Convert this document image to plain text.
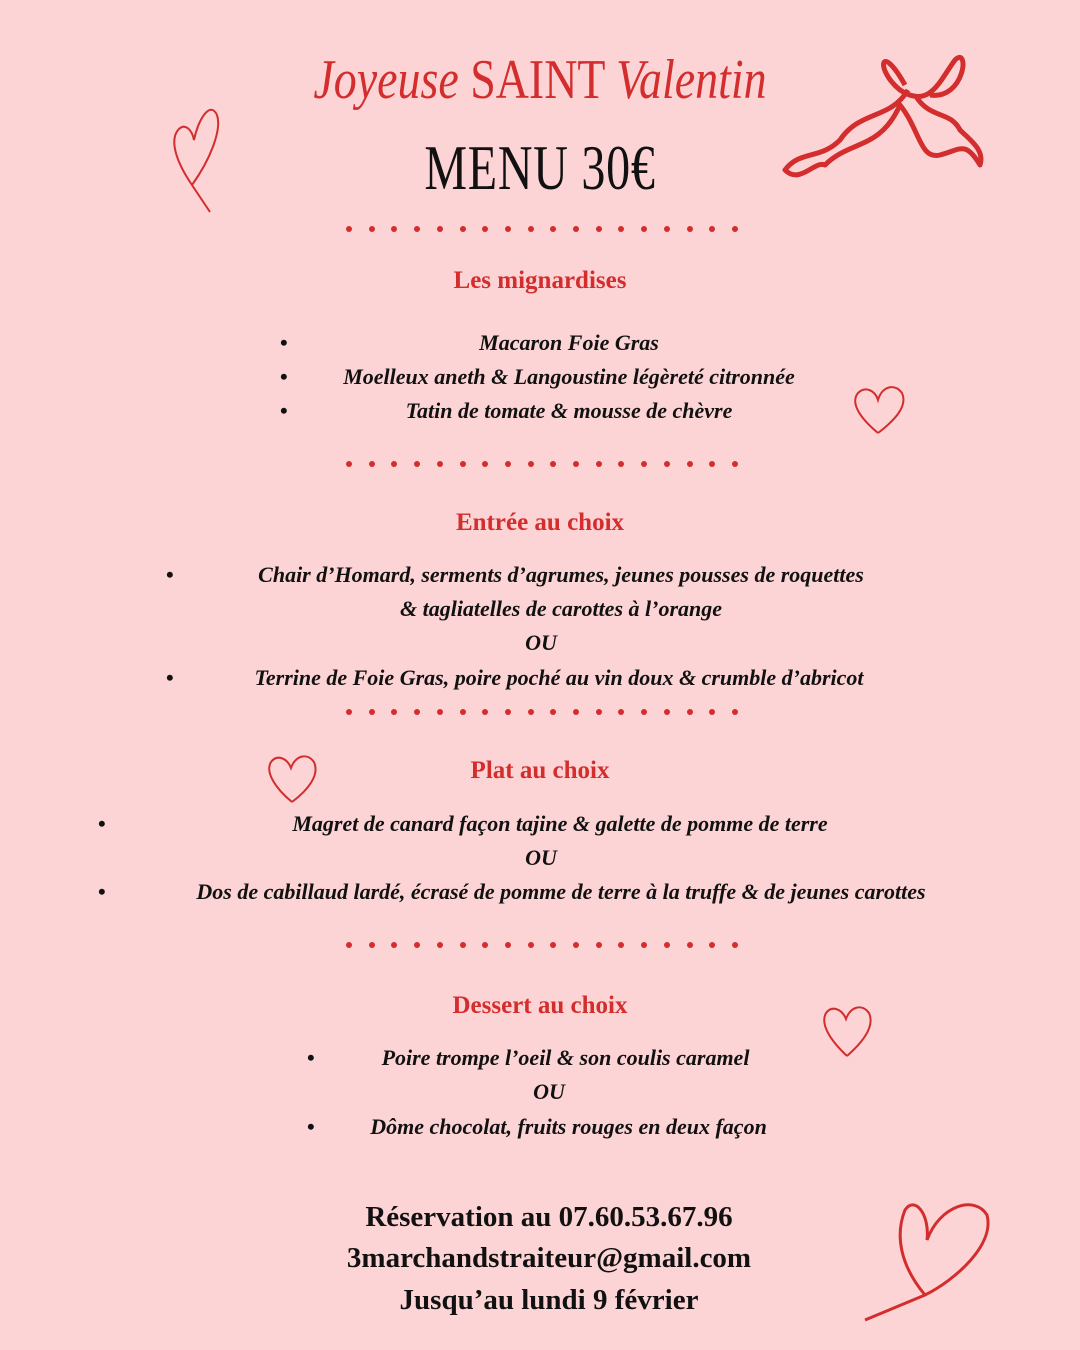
Joyeuse SAINT Valentin
MENU 30€
Les mignardises
•	Macaron Foie Gras
•	Moelleux aneth & Langoustine légèreté citronnée
•	Tatin de tomate & mousse de chèvre
Entrée au choix
•	Chair d’Homard, serments d’agrumes, jeunes pousses de roquettes
& tagliatelles de carottes à l’orange
OU
•	Terrine de Foie Gras, poire poché au vin doux & crumble d’abricot
Plat au choix
•	Magret de canard façon tajine & galette de pomme de terre
OU
•	Dos de cabillaud lardé, écrasé de pomme de terre à la truffe & de jeunes carottes
Dessert au choix
•	Poire trompe l’oeil & son coulis caramel
OU
•	Dôme chocolat, fruits rouges en deux façon
Réservation au 07.60.53.67.96
3marchandstraiteur@gmail.com
Jusqu’au lundi 9 février
